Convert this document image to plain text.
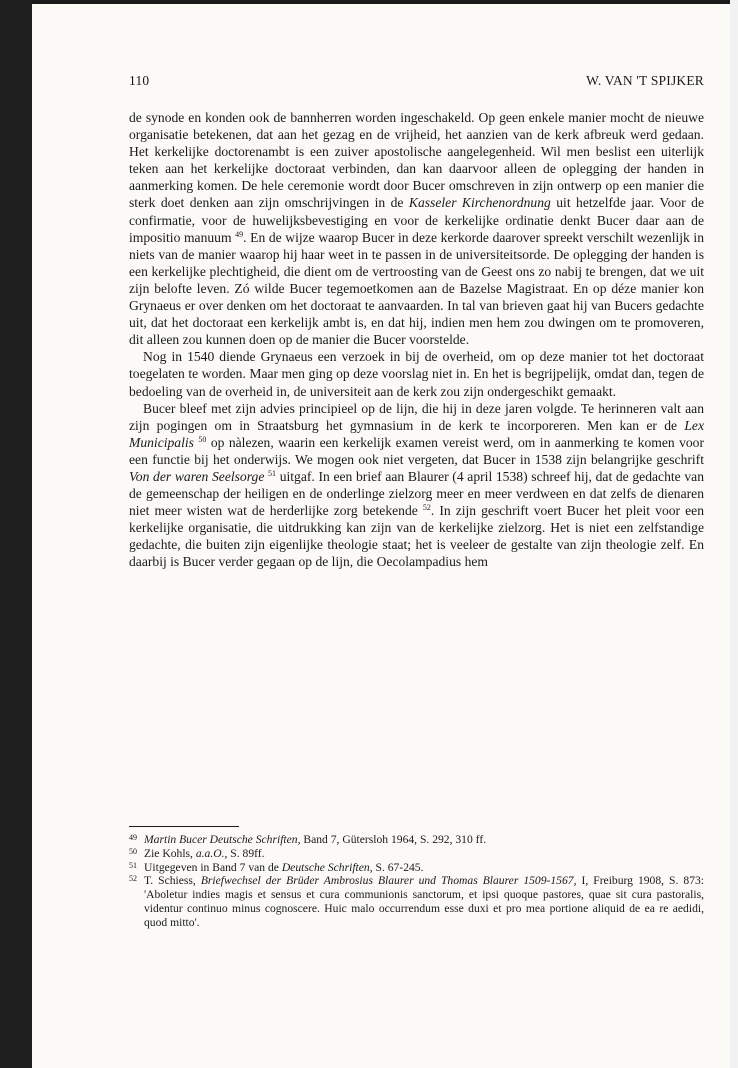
110	W. VAN 'T SPIJKER

de synode en konden ook de bannherren worden ingeschakeld. Op geen enkele manier mocht de nieuwe organisatie betekenen, dat aan het gezag en de vrijheid, het aanzien van de kerk afbreuk werd gedaan. Het kerkelijke doctorenambt is een zuiver apostolische aangelegenheid. Wil men beslist een uiterlijk teken aan het kerkelijke doctoraat verbinden, dan kan daarvoor alleen de oplegging der handen in aanmerking komen. De hele ceremonie wordt door Bucer omschreven in zijn ontwerp op een manier die sterk doet denken aan zijn omschrijvingen in de Kasseler Kirchenordnung uit hetzelfde jaar. Voor de confirmatie, voor de huwelijksbevestiging en voor de kerkelijke ordinatie denkt Bucer daar aan de impositio manuum $^{49}$. En de wijze waarop Bucer in deze kerkorde daarover spreekt verschilt wezenlijk in niets van de manier waarop hij haar weet in te passen in de universiteitsorde. De oplegging der handen is een kerkelijke plechtigheid, die dient om de vertroosting van de Geest ons zo nabij te brengen, dat we uit zijn belofte leven. Zó wilde Bucer tegemoetkomen aan de Bazelse Magistraat. En op déze manier kon Grynaeus er over denken om het doctoraat te aanvaarden. In tal van brieven gaat hij van Bucers gedachte uit, dat het doctoraat een kerkelijk ambt is, en dat hij, indien men hem zou dwingen om te promoveren, dit alleen zou kunnen doen op de manier die Bucer voorstelde.

Nog in 1540 diende Grynaeus een verzoek in bij de overheid, om op deze manier tot het doctoraat toegelaten te worden. Maar men ging op deze voorslag niet in. En het is begrijpelijk, omdat dan, tegen de bedoeling van de overheid in, de universiteit aan de kerk zou zijn ondergeschikt gemaakt.

Bucer bleef met zijn advies principieel op de lijn, die hij in deze jaren volgde. Te herinneren valt aan zijn pogingen om in Straatsburg het gymnasium in de kerk te incorporeren. Men kan er de Lex Municipalis $^{50}$ op nàlezen, waarin een kerkelijk examen vereist werd, om in aanmerking te komen voor een functie bij het onderwijs. We mogen ook niet vergeten, dat Bucer in 1538 zijn belangrijke geschrift Von der waren Seelsorge $^{51}$ uitgaf. In een brief aan Blaurer (4 april 1538) schreef hij, dat de gedachte van de gemeenschap der heiligen en de onderlinge zielzorg meer en meer verdween en dat zelfs de dienaren niet meer wisten wat de herderlijke zorg betekende $^{52}$. In zijn geschrift voert Bucer het pleit voor een kerkelijke organisatie, die uitdrukking kan zijn van de kerkelijke zielzorg. Het is niet een zelfstandige gedachte, die buiten zijn eigenlijke theologie staat; het is veeleer de gestalte van zijn theologie zelf. En daarbij is Bucer verder gegaan op de lijn, die Oecolampadius hem

49 Martin Bucer Deutsche Schriften, Band 7, Gütersloh 1964, S. 292, 310 ff.
50 Zie Kohls, a.a.O., S. 89ff.
51 Uitgegeven in Band 7 van de Deutsche Schriften, S. 67-245.
52 T. Schiess, Briefwechsel der Brüder Ambrosius Blaurer und Thomas Blaurer 1509-1567, I, Freiburg 1908, S. 873: 'Aboletur indies magis et sensus et cura communionis sanctorum, et ipsi quoque pastores, quae sit cura pastoralis, videntur continuo minus cognoscere. Huic malo occurrendum esse duxi et pro mea portione aliquid de ea re aedidi, quod mitto'.
